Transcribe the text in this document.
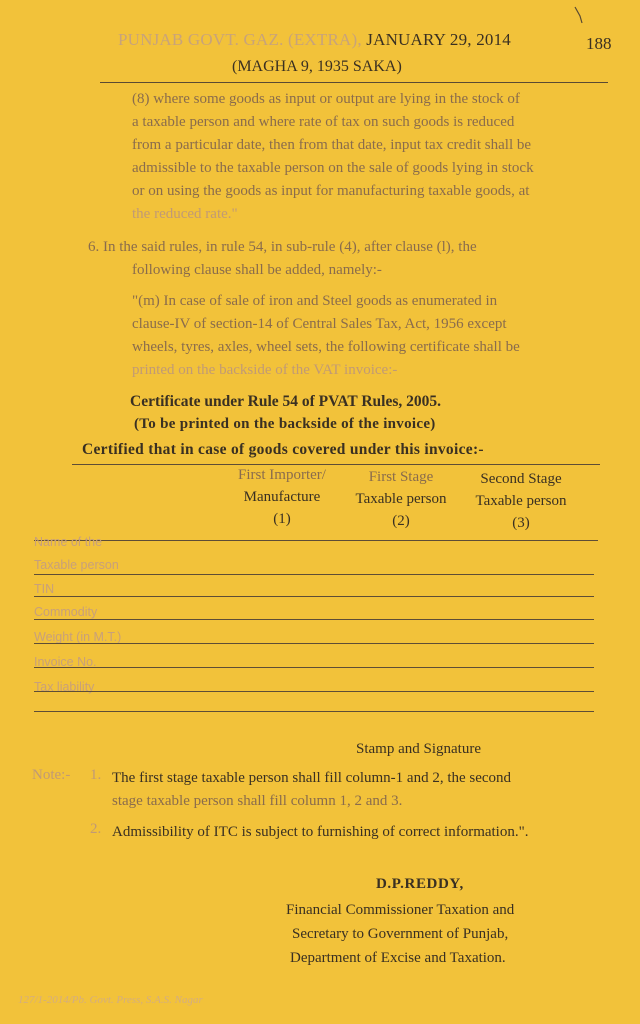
PUNJAB GOVT. GAZ. (EXTRA), JANUARY 29, 2014	188
(MAGHA 9, 1935 SAKA)
(8) where some goods as input or output are lying in the stock of
a taxable person and where rate of tax on such goods is reduced
from a particular date, then from that date, input tax credit shall be
admissible to the taxable person on the sale of goods lying in stock
or on using the goods as input for manufacturing taxable goods, at
the reduced rate."
6. In the said rules, in rule 54, in sub-rule (4), after clause (l), the
following clause shall be added, namely:-
"(m) In case of sale of iron and Steel goods as enumerated in
clause-IV of section-14 of Central Sales Tax, Act, 1956 except
wheels, tyres, axles, wheel sets, the following certificate shall be
printed on the backside of the VAT invoice:-
Certificate under Rule 54 of PVAT Rules, 2005.
(To be printed on the backside of the invoice)
Certified that in case of goods covered under this invoice:-
First Importer/
Manufacture
(1)
First Stage
Taxable person
(2)
Second Stage
Taxable person
(3)
Name of the
Taxable person
TIN
Commodity
Weight (in M.T.)
Invoice No.
Tax liability
Stamp and Signature
Note:- 1. The first stage taxable person shall fill column-1 and 2, the second
stage taxable person shall fill column 1, 2 and 3.
2. Admissibility of ITC is subject to furnishing of correct information.".
D.P.REDDY,
Financial Commissioner Taxation and
Secretary to Government of Punjab,
Department of Excise and Taxation.
127/1-2014/Pb. Govt. Press, S.A.S. Nagar
